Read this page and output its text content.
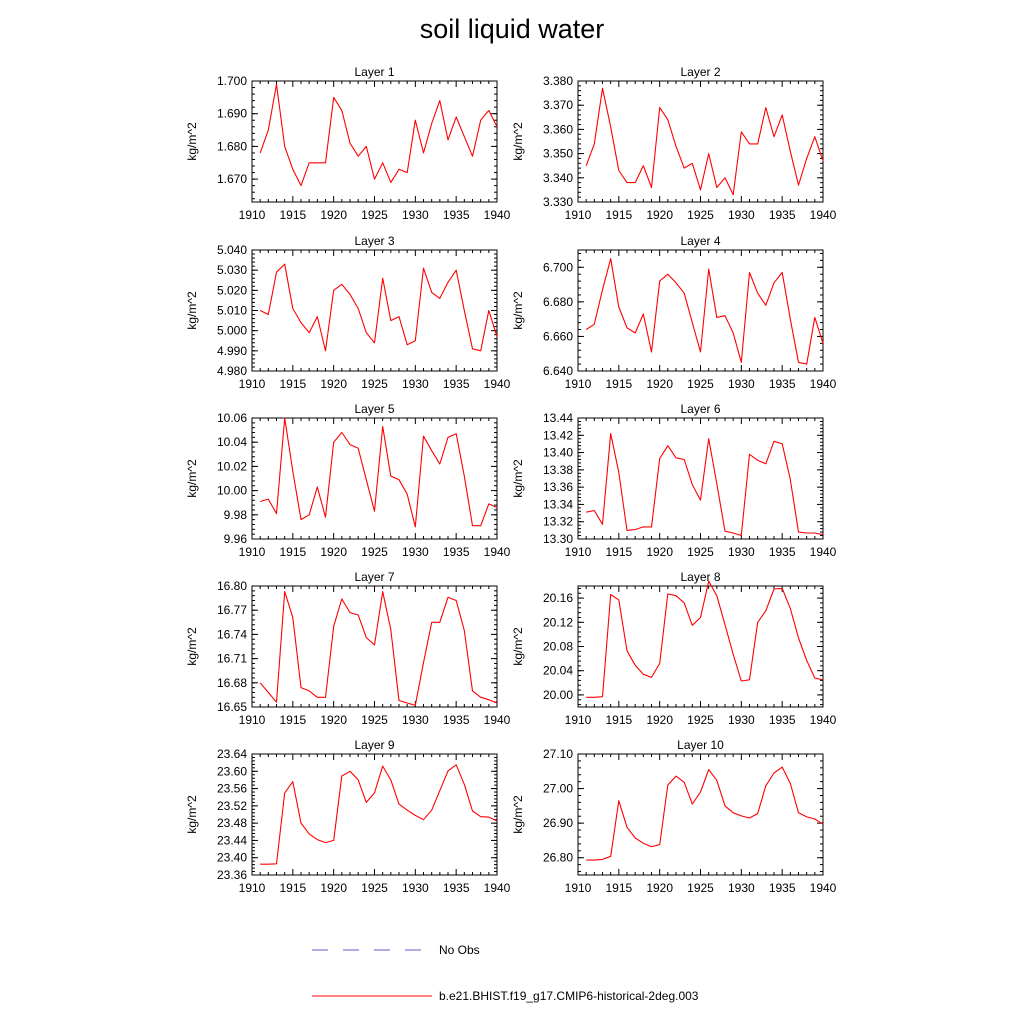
soil liquid water
Layer 1
kg/m^2
1910 1915 1920 1925 1930 1935 1940
1.670
1.680
1.690
1.700
Layer 2
kg/m^2
1910 1915 1920 1925 1930 1935 1940
3.330
3.340
3.350
3.360
3.370
3.380
Layer 3
kg/m^2
1910 1915 1920 1925 1930 1935 1940
4.980
4.990
5.000
5.010
5.020
5.030
5.040
Layer 4
kg/m^2
1910 1915 1920 1925 1930 1935 1940
6.640
6.660
6.680
6.700
Layer 5
kg/m^2
1910 1915 1920 1925 1930 1935 1940
9.96
9.98
10.00
10.02
10.04
10.06
Layer 6
kg/m^2
1910 1915 1920 1925 1930 1935 1940
13.30
13.32
13.34
13.36
13.38
13.40
13.42
13.44
Layer 7
kg/m^2
1910 1915 1920 1925 1930 1935 1940
16.65
16.68
16.71
16.74
16.77
16.80
Layer 8
kg/m^2
1910 1915 1920 1925 1930 1935 1940
20.00
20.04
20.08
20.12
20.16
Layer 9
kg/m^2
1910 1915 1920 1925 1930 1935 1940
23.36
23.40
23.44
23.48
23.52
23.56
23.60
23.64
Layer 10
kg/m^2
1910 1915 1920 1925 1930 1935 1940
26.80
26.90
27.00
27.10
No Obs
b.e21.BHIST.f19_g17.CMIP6-historical-2deg.003
